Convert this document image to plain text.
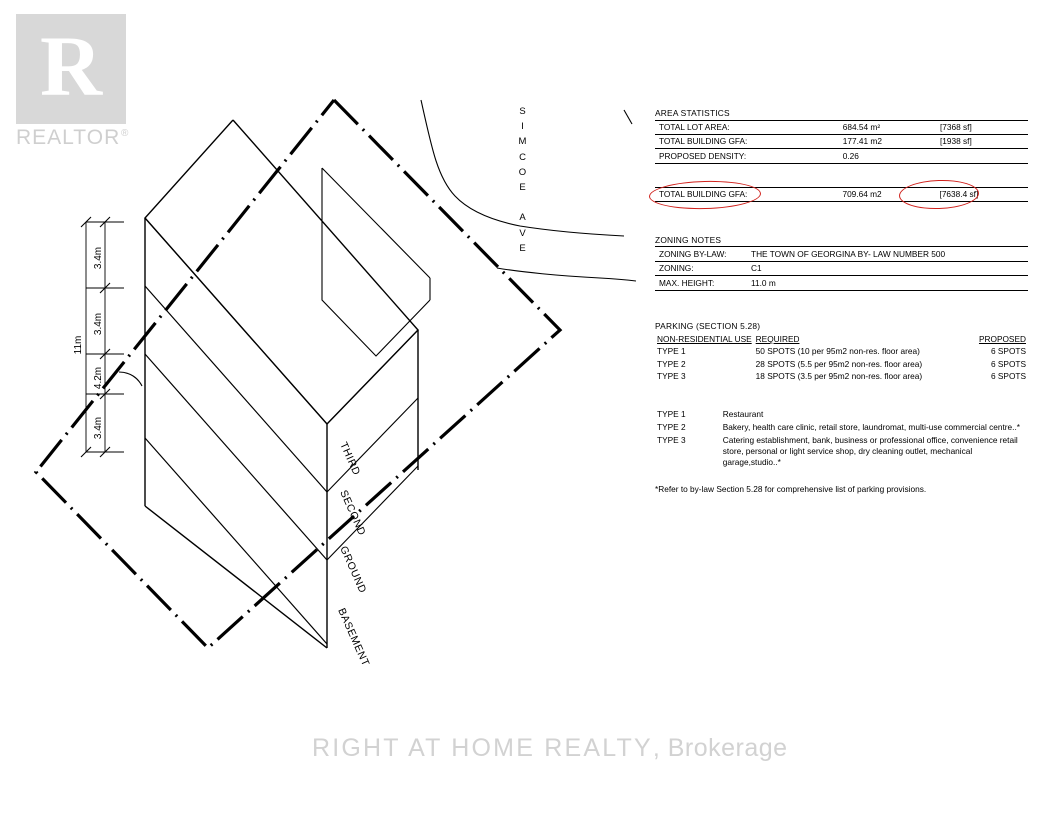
R
REALTOR ®
11m
3.4m
3.4m
4.2m
3.4m
THIRD
SECOND
GROUND
BASEMENT
S
I
M
C
O
E

A
V
E
AREA STATISTICS
TOTAL LOT AREA:	684.54 m²	[7368 sf]
TOTAL BUILDING GFA:	177.41 m2	[1938 sf]
PROPOSED DENSITY:	0.26	
TOTAL BUILDING GFA:	709.64 m2	[7638.4 sf]
ZONING NOTES
ZONING BY-LAW:	THE TOWN OF GEORGINA BY- LAW NUMBER 500
ZONING:	C1
MAX. HEIGHT:	11.0 m
PARKING (SECTION 5.28)
NON-RESIDENTIAL USE	REQUIRED	PROPOSED
TYPE 1	50 SPOTS (10 per 95m2 non-res. floor area)	6 SPOTS
TYPE 2	28 SPOTS (5.5 per 95m2 non-res. floor area)	6 SPOTS
TYPE 3	18 SPOTS (3.5 per 95m2 non-res. floor area)	6 SPOTS
TYPE 1	Restaurant
TYPE 2	Bakery, health care clinic, retail store, laundromat, multi-use commercial centre..*
TYPE 3	Catering establishment, bank, business or professional office, convenience retail store, personal or light service shop, dry cleaning outlet, mechanical garage,studio..*
*Refer to by-law Section 5.28 for comprehensive list of parking provisions.
RIGHT AT HOME REALTY, Brokerage
